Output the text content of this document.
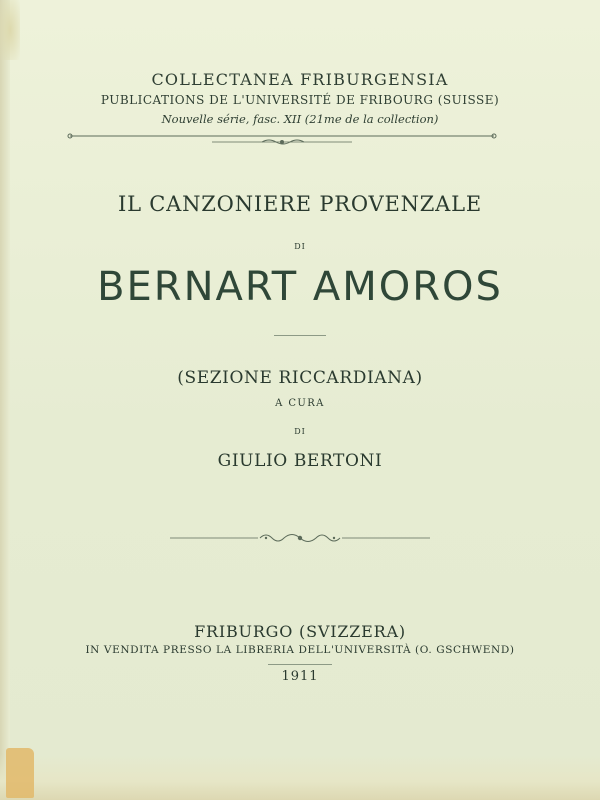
COLLECTANEA FRIBURGENSIA
PUBLICATIONS DE L'UNIVERSITÉ DE FRIBOURG (SUISSE)
Nouvelle série, fasc. XII (21me de la collection)
IL CANZONIERE PROVENZALE
DI
BERNART AMOROS
(SEZIONE RICCARDIANA)
A CURA
DI
GIULIO BERTONI
FRIBURGO (SVIZZERA)
IN VENDITA PRESSO LA LIBRERIA DELL'UNIVERSITÀ (O. GSCHWEND)
1911
